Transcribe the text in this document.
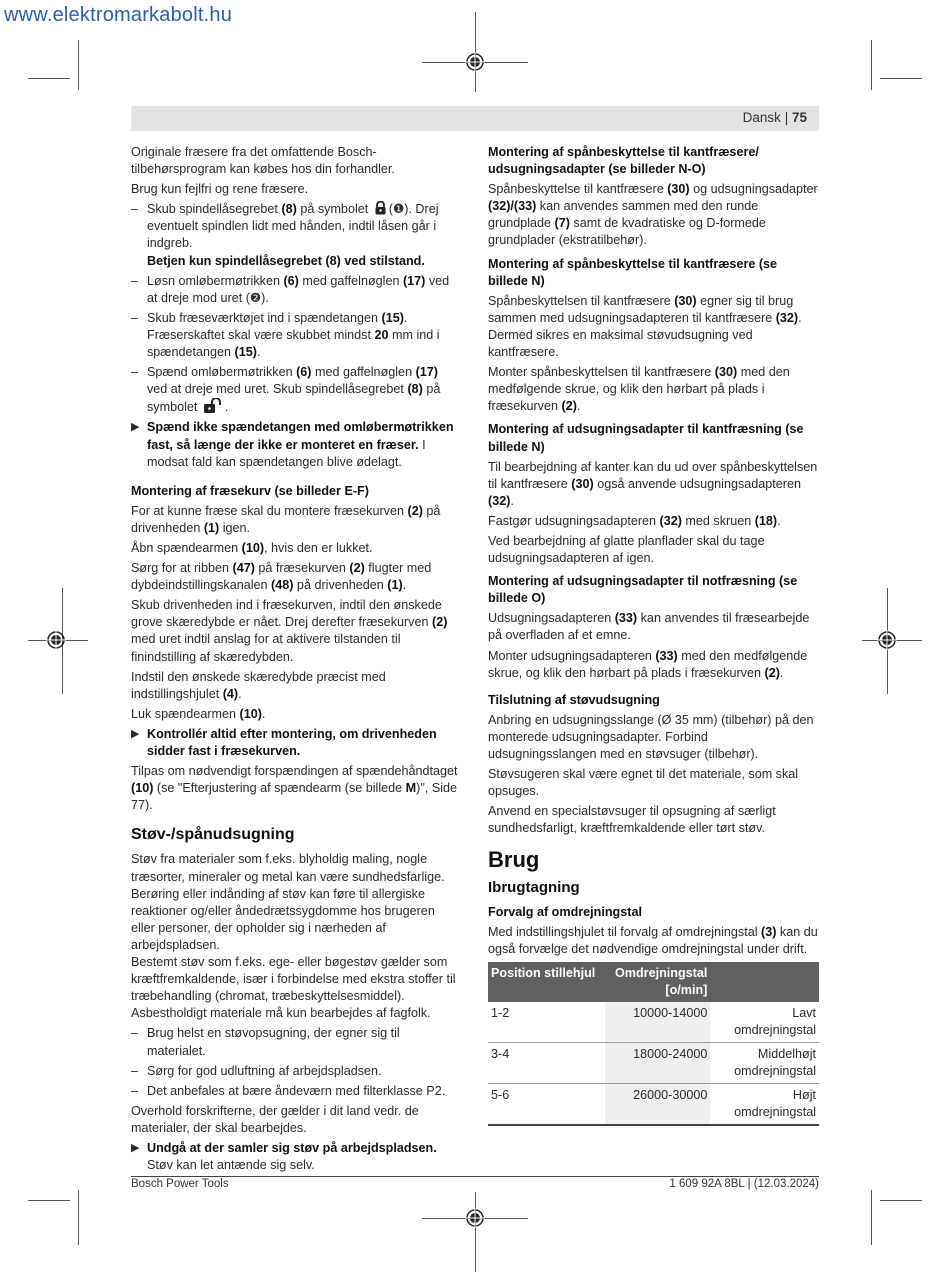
www.elektromarkabolt.hu
Dansk | 75

Originale fræsere fra det omfattende Bosch-tilbehørsprogram kan købes hos din forhandler.

Brug kun fejlfri og rene fræsere.

– Skub spindellåsegrebet (8) på symbolet (❶). Drej eventuelt spindlen lidt med hånden, indtil låsen går i indgreb.
Betjen kun spindellåsegrebet (8) ved stilstand.
– Løsn omløbermøtrikken (6) med gaffelnøglen (17) ved at dreje mod uret (❷).
– Skub fræseværktøjet ind i spændetangen (15). Fræserskaftet skal være skubbet mindst 20 mm ind i spændetangen (15).
– Spænd omløbermøtrikken (6) med gaffelnøglen (17) ved at dreje med uret. Skub spindellåsegrebet (8) på symbolet .
▶ Spænd ikke spændetangen med omløbermøtrikken fast, så længe der ikke er monteret en fræser. I modsat fald kan spændetangen blive ødelagt.
Montering af fræsekurv (se billeder E-F)

For at kunne fræse skal du montere fræsekurven (2) på drivenheden (1) igen.

Åbn spændearmen (10), hvis den er lukket.

Sørg for at ribben (47) på fræsekurven (2) flugter med dybdeindstillingskanalen (48) på drivenheden (1).

Skub drivenheden ind i fræsekurven, indtil den ønskede grove skæredybde er nået. Drej derefter fræsekurven (2) med uret indtil anslag for at aktivere tilstanden til finindstilling af skæredybden.

Indstil den ønskede skæredybde præcist med indstillingshjulet (4).

Luk spændearmen (10).

▶ Kontrollér altid efter montering, om drivenheden sidder fast i fræsekurven.

Tilpas om nødvendigt forspændingen af spændehåndtaget (10) (se "Efterjustering af spændearm (se billede M)", Side 77).

Støv-/spånudsugning

Støv fra materialer som f.eks. blyholdig maling, nogle træsorter, mineraler og metal kan være sundhedsfarlige. Berøring eller indånding af støv kan føre til allergiske reaktioner og/eller åndedrætssygdomme hos brugeren eller personer, der opholder sig i nærheden af arbejdspladsen.

Bestemt støv som f.eks. ege- eller bøgestøv gælder som kræftfremkaldende, især i forbindelse med ekstra stoffer til træbehandling (chromat, træbeskyttelsesmiddel). Asbestholdigt materiale må kun bearbejdes af fagfolk.

– Brug helst en støvopsugning, der egner sig til materialet.
– Sørg for god udluftning af arbejdspladsen.
– Det anbefales at bære åndeværn med filterklasse P2.

Overhold forskrifterne, der gælder i dit land vedr. de materialer, der skal bearbejdes.

▶ Undgå at der samler sig støv på arbejdspladsen. Støv kan let antænde sig selv.
Montering af spånbeskyttelse til kantfræsere/ udsugningsadapter (se billeder N-O)

Spånbeskyttelse til kantfræsere (30) og udsugningsadapter (32)/(33) kan anvendes sammen med den runde grundplade (7) samt de kvadratiske og D-formede grundplader (ekstratilbehør).

Montering af spånbeskyttelse til kantfræsere (se billede N)

Spånbeskyttelsen til kantfræsere (30) egner sig til brug sammen med udsugningsadapteren til kantfræsere (32). Dermed sikres en maksimal støvudsugning ved kantfræsere.

Monter spånbeskyttelsen til kantfræsere (30) med den medfølgende skrue, og klik den hørbart på plads i fræsekurven (2).

Montering af udsugningsadapter til kantfræsning (se billede N)

Til bearbejdning af kanter kan du ud over spånbeskyttelsen til kantfræsere (30) også anvende udsugningsadapteren (32).

Fastgør udsugningsadapteren (32) med skruen (18).

Ved bearbejdning af glatte planflader skal du tage udsugningsadapteren af igen.

Montering af udsugningsadapter til notfræsning (se billede O)

Udsugningsadapteren (33) kan anvendes til fræsearbejde på overfladen af et emne.

Monter udsugningsadapteren (33) med den medfølgende skrue, og klik den hørbart på plads i fræsekurven (2).

Tilslutning af støvudsugning

Anbring en udsugningsslange (Ø 35 mm) (tilbehør) på den monterede udsugningsadapter. Forbind udsugningsslangen med en støvsuger (tilbehør).

Støvsugeren skal være egnet til det materiale, som skal opsuges.

Anvend en specialstøvsuger til opsugning af særligt sundhedsfarligt, kræftfremkaldende eller tørt støv.

Brug
Ibrugtagning
Forvalg af omdrejningstal

Med indstillingshjulet til forvalg af omdrejningstal (3) kan du også forvælge det nødvendige omdrejningstal under drift.

Position stillehjul	Omdrejningstal [o/min]	
1-2	10000-14000	Lavt omdrejningstal
3-4	18000-24000	Middelhøjt omdrejningstal
5-6	26000-30000	Højt omdrejningstal
Bosch Power Tools	1 609 92A 8BL | (12.03.2024)
